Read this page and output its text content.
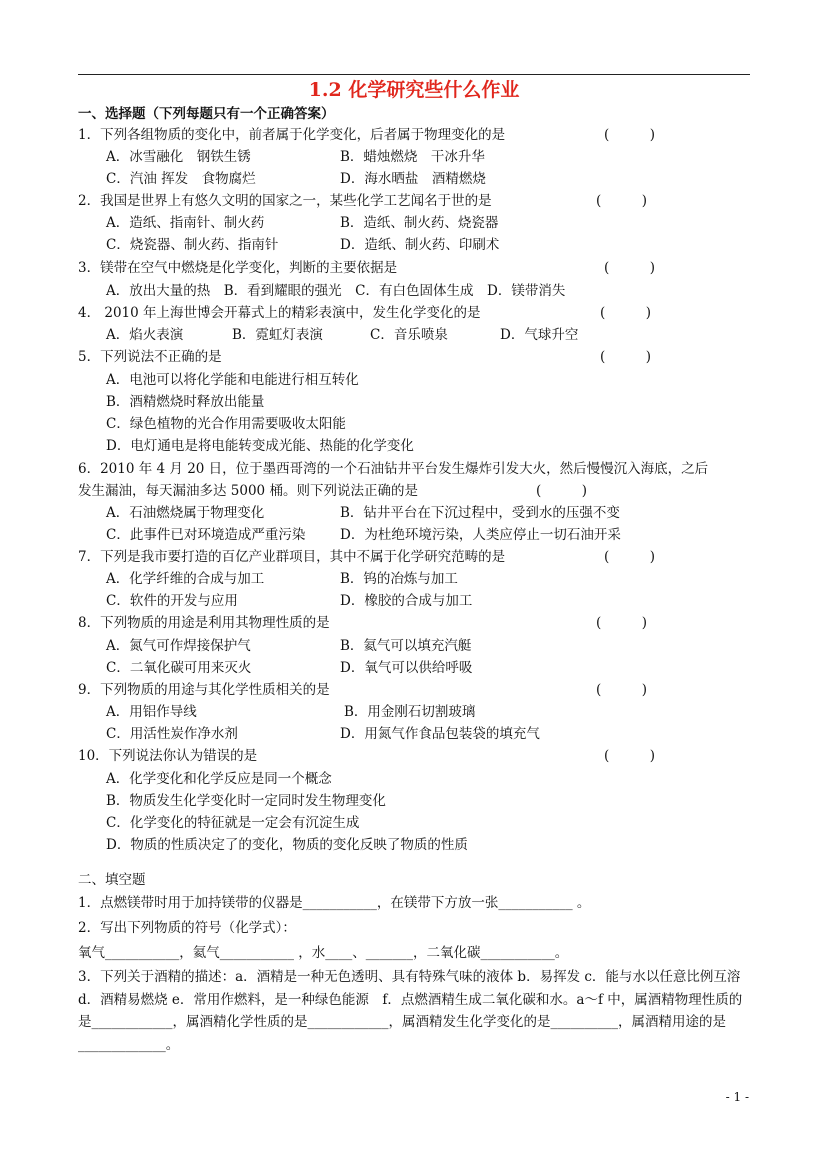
1.2 化学研究些什么作业
一、选择题（下列每题只有一个正确答案）
1．下列各组物质的变化中，前者属于化学变化，后者属于物理变化的是	(　　　)
A．冰雪融化　钢铁生锈	B．蜡烛燃烧　干冰升华
C．汽油 挥发　食物腐烂	D．海水晒盐　酒精燃烧
2．我国是世界上有悠久文明的国家之一，某些化学工艺闻名于世的是	(　　　)
A．造纸、指南针、制火药	B．造纸、制火药、烧瓷器
C．烧瓷器、制火药、指南针	D．造纸、制火药、印刷术
3．镁带在空气中燃烧是化学变化，判断的主要依据是	(　　　)
A．放出大量的热　B．看到耀眼的强光　C．有白色固体生成　D．镁带消失
4． 2010 年上海世博会开幕式上的精彩表演中，发生化学变化的是	(　　　)
A．焰火表演	B．霓虹灯表演	C．音乐喷泉	D．气球升空
5．下列说法不正确的是	(　　　)
A．电池可以将化学能和电能进行相互转化
B．酒精燃烧时释放出能量
C．绿色植物的光合作用需要吸收太阳能
D．电灯通电是将电能转变成光能、热能的化学变化
6．2010 年 4 月 20 日，位于墨西哥湾的一个石油钻井平台发生爆炸引发大火，然后慢慢沉入海底，之后
发生漏油，每天漏油多达 5000 桶。则下列说法正确的是	(　　　)
A．石油燃烧属于物理变化	B．钻井平台在下沉过程中，受到水的压强不变
C．此事件已对环境造成严重污染	D．为杜绝环境污染，人类应停止一切石油开采
7．下列是我市要打造的百亿产业群项目，其中不属于化学研究范畴的是	(　　　)
A．化学纤维的合成与加工	B．钨的冶炼与加工
C．软件的开发与应用	D．橡胶的合成与加工
8．下列物质的用途是利用其物理性质的是	(　　　)
A．氮气可作焊接保护气	B．氦气可以填充汽艇
C．二氧化碳可用来灭火	D．氧气可以供给呼吸
9．下列物质的用途与其化学性质相关的是	(　　　)
A．用铝作导线	B．用金刚石切割玻璃
C．用活性炭作净水剂	D．用氮气作食品包装袋的填充气
10．下列说法你认为错误的是	(　　　)
A．化学变化和化学反应是同一个概念
B．物质发生化学变化时一定同时发生物理变化
C．化学变化的特征就是一定会有沉淀生成
D．物质的性质决定了的变化，物质的变化反映了物质的性质
二、填空题
1．点燃镁带时用于加持镁带的仪器是___________，在镁带下方放一张___________ 。
2．写出下列物质的符号（化学式）：
氧气___________，氦气___________ ，水____、_______，二氧化碳___________。
3．下列关于酒精的描述：a．酒精是一种无色透明、具有特殊气味的液体 b．易挥发 c．能与水以任意比例互溶 d．酒精易燃烧 e．常用作燃料，是一种绿色能源　f．点燃酒精生成二氧化碳和水。a～f 中，属酒精物理性质的是____________，属酒精化学性质的是____________，属酒精发生化学变化的是__________，属酒精用途的是_____________。
- 1 -
